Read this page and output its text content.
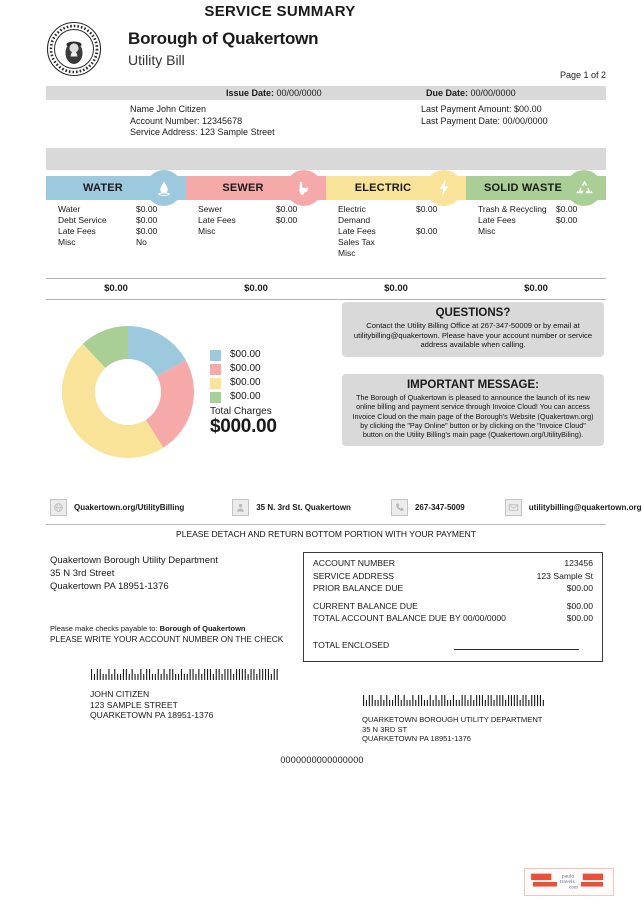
Borough of Quakertown
Utility Bill
Page 1 of 2
Issue Date: 00/00/0000	Due Date: 00/00/0000
Name John Citizen
Account Number: 12345678
Service Address: 123 Sample Street
Last Payment Amount: $00.00
Last Payment Date: 00/00/0000
SERVICE SUMMARY
WATER	SEWER	ELECTRIC	SOLID WASTE
Water	$0.00
Debt Service	$0.00
Late Fees	$0.00
Misc	No
Sewer	$0.00
Late Fees	$0.00
Misc
Electric	$0.00
Demand
Late Fees	$0.00
Sales Tax
Misc
Trash & Recycling $0.00
Late Fees	$0.00
Misc
$0.00	$0.00	$0.00	$0.00
$00.00
$00.00
$00.00
$00.00
Total Charges
$000.00
QUESTIONS?
Contact the Utility Billing Office at 267-347-50009 or by email at utilitybilling@quakertown. Please have your account number or service address available when calling.
IMPORTANT MESSAGE:
The Borough of Quakertown is pleased to announce the launch of its new online billing and payment service through Invoice Cloud! You can access Invoice Cloud on the main page of the Borough's Website (Quakertown.org) by clicking the "Pay Online" button or by clicking on the "Invoice Cloud" button on the Utility Billing's main page (Quakertown.org/UtilityBiling).
Quakertown.org/UtilityBilling	35 N. 3rd St. Quakertown	267-347-5009	utilitybilling@quakertown.org
PLEASE DETACH AND RETURN BOTTOM PORTION WITH YOUR PAYMENT
Quakertown Borough Utility Department
35 N 3rd Street
Quakertown PA 18951-1376
Please make checks payable to: Borough of Quakertown
PLEASE WRITE YOUR ACCOUNT NUMBER ON THE CHECK
ACCOUNT NUMBER	123456
SERVICE ADDRESS	123 Sample St
PRIOR BALANCE DUE	$00.00
CURRENT BALANCE DUE	$00.00
TOTAL ACCOUNT BALANCE DUE BY 00/00/0000	$00.00
TOTAL ENCLOSED
JOHN CITIZEN
123 SAMPLE STREET
QUARKETOWN PA 18951-1376	QUARKETOWN BOROUGH UTILITY DEPARTMENT
35 N 3RD ST
QUARKETOWN PA 18951-1376
0000000000000000
paulo
travels.
com
